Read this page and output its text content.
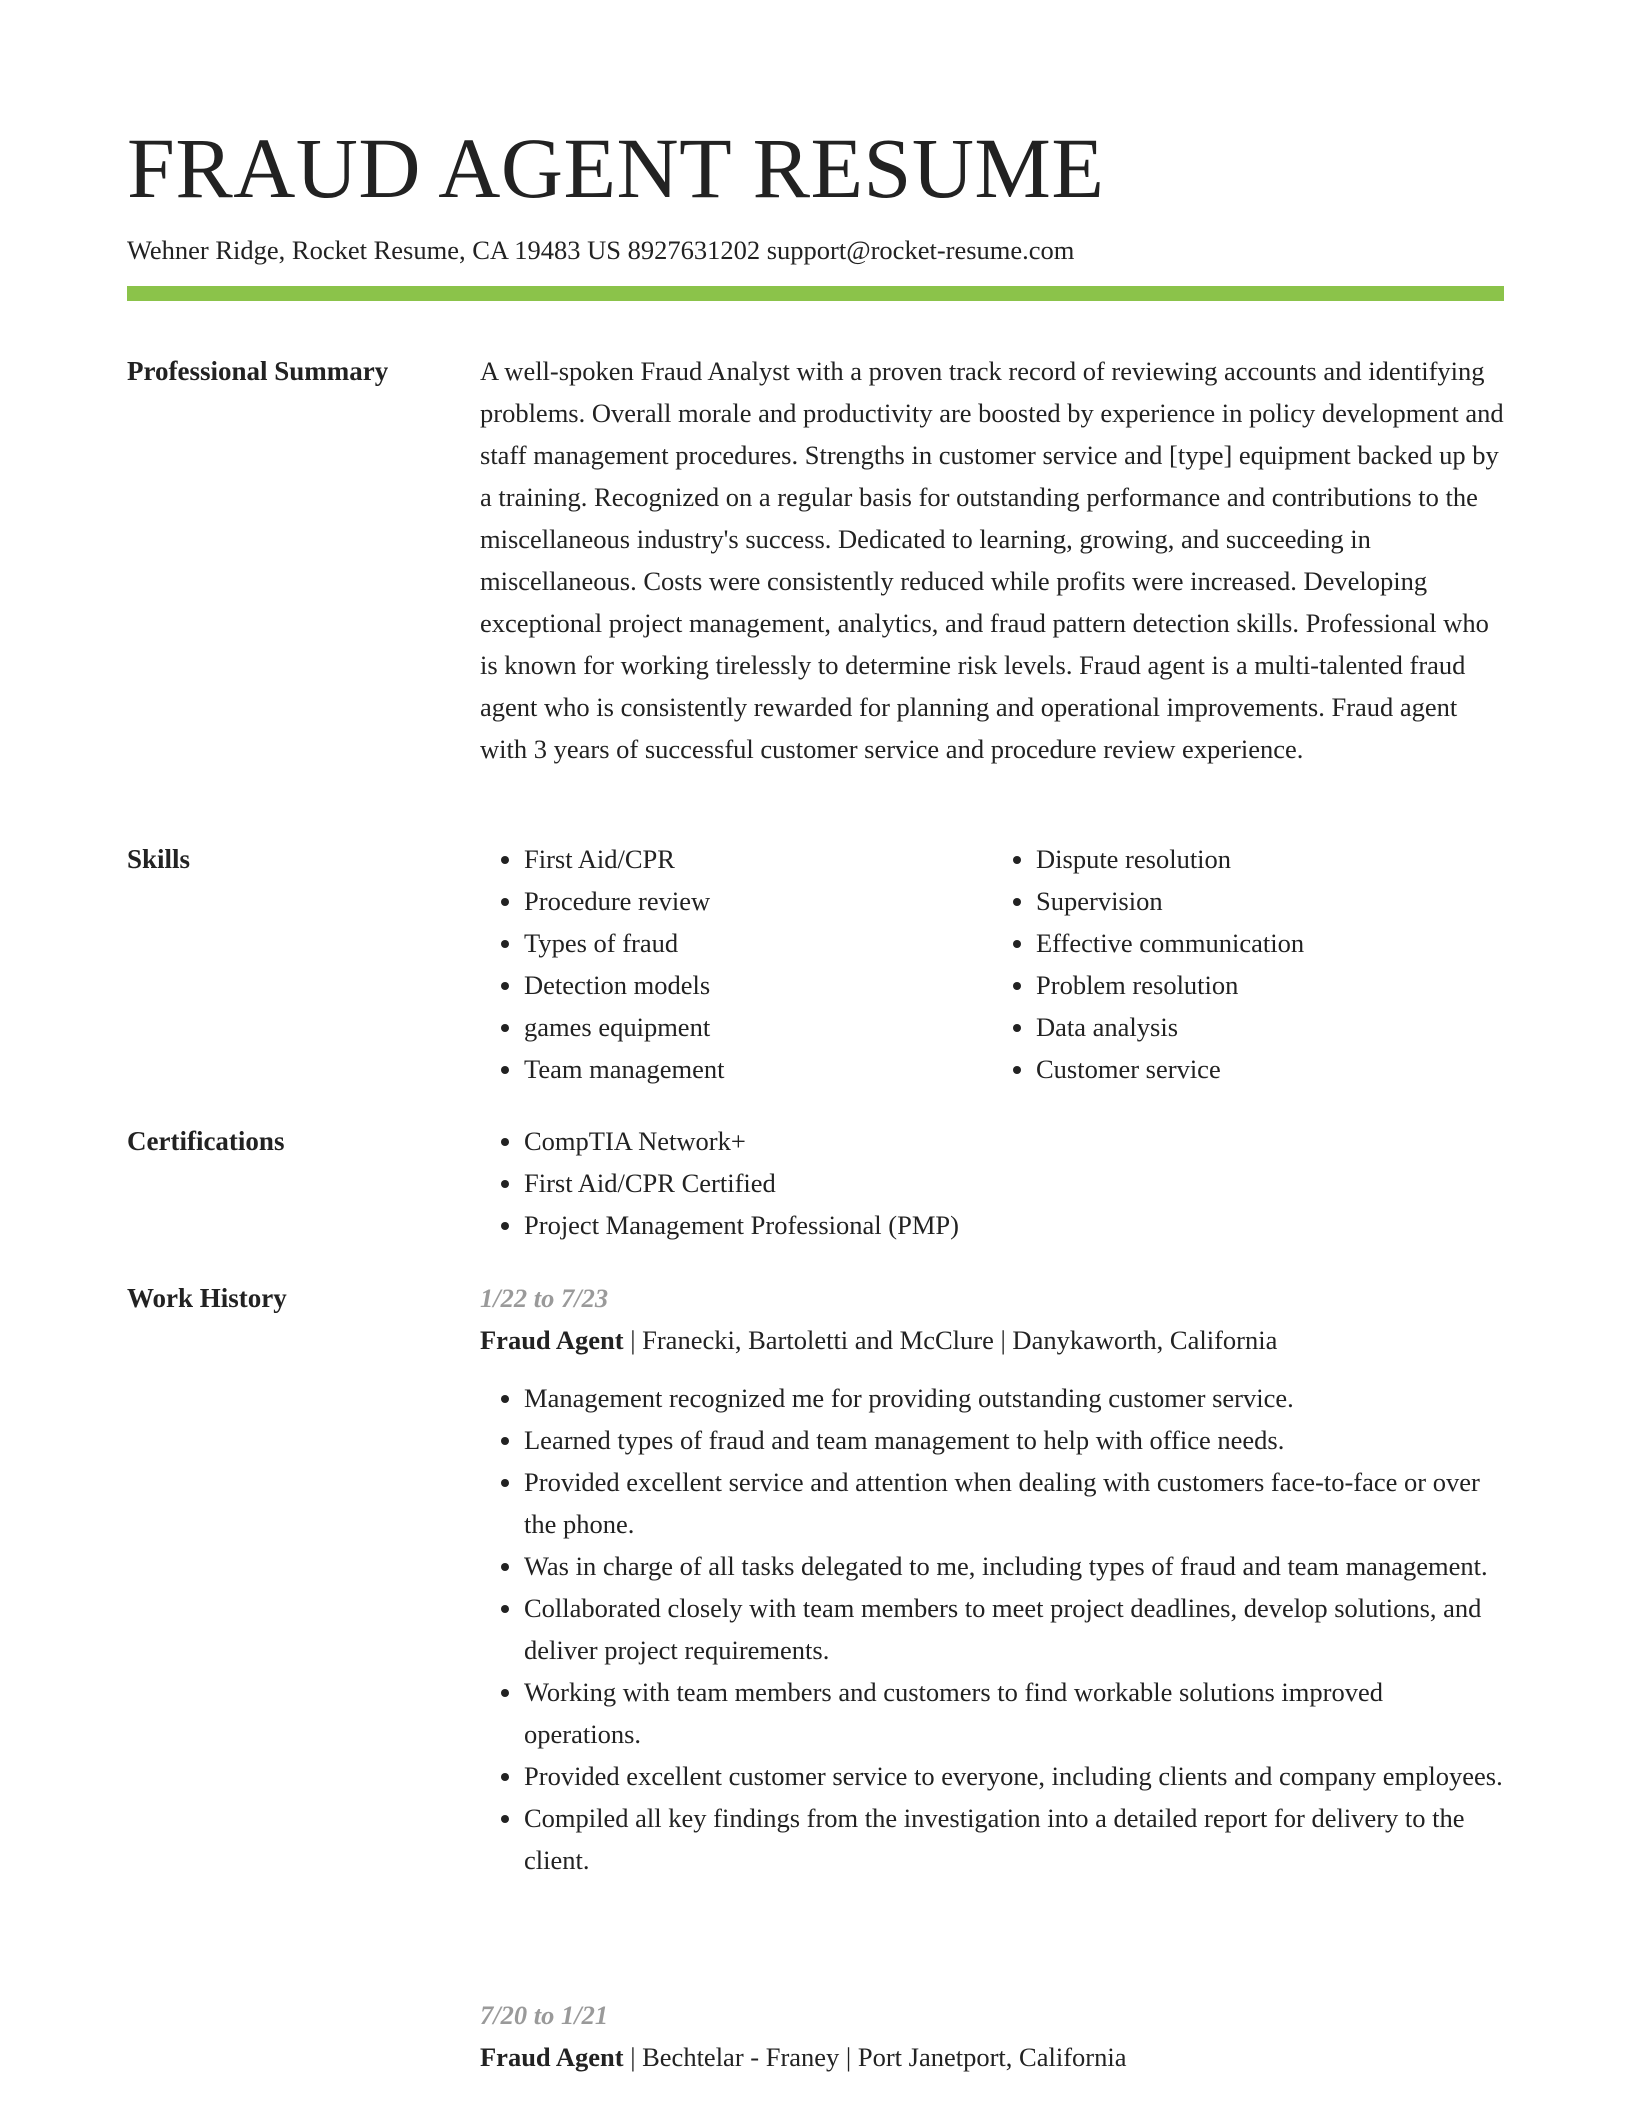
FRAUD AGENT RESUME
Wehner Ridge, Rocket Resume, CA 19483 US 8927631202 support@rocket-resume.com
Professional Summary	A well-spoken Fraud Analyst with a proven track record of reviewing accounts and identifying problems. Overall morale and productivity are boosted by experience in policy development and staff management procedures. Strengths in customer service and [type] equipment backed up by a training. Recognized on a regular basis for outstanding performance and contributions to the miscellaneous industry's success. Dedicated to learning, growing, and succeeding in miscellaneous. Costs were consistently reduced while profits were increased. Developing exceptional project management, analytics, and fraud pattern detection skills. Professional who is known for working tirelessly to determine risk levels. Fraud agent is a multi-talented fraud agent who is consistently rewarded for planning and operational improvements. Fraud agent with 3 years of successful customer service and procedure review experience.
Skills	• First Aid/CPR
• Procedure review
• Types of fraud
• Detection models
• games equipment
• Team management
• Dispute resolution
• Supervision
• Effective communication
• Problem resolution
• Data analysis
• Customer service
Certifications	• CompTIA Network+
• First Aid/CPR Certified
• Project Management Professional (PMP)
Work History	1/22 to 7/23
Fraud Agent | Franecki, Bartoletti and McClure | Danykaworth, California
• Management recognized me for providing outstanding customer service.
• Learned types of fraud and team management to help with office needs.
• Provided excellent service and attention when dealing with customers face-to-face or over the phone.
• Was in charge of all tasks delegated to me, including types of fraud and team management.
• Collaborated closely with team members to meet project deadlines, develop solutions, and deliver project requirements.
• Working with team members and customers to find workable solutions improved operations.
• Provided excellent customer service to everyone, including clients and company employees.
• Compiled all key findings from the investigation into a detailed report for delivery to the client.
7/20 to 1/21
Fraud Agent | Bechtelar - Franey | Port Janetport, California
